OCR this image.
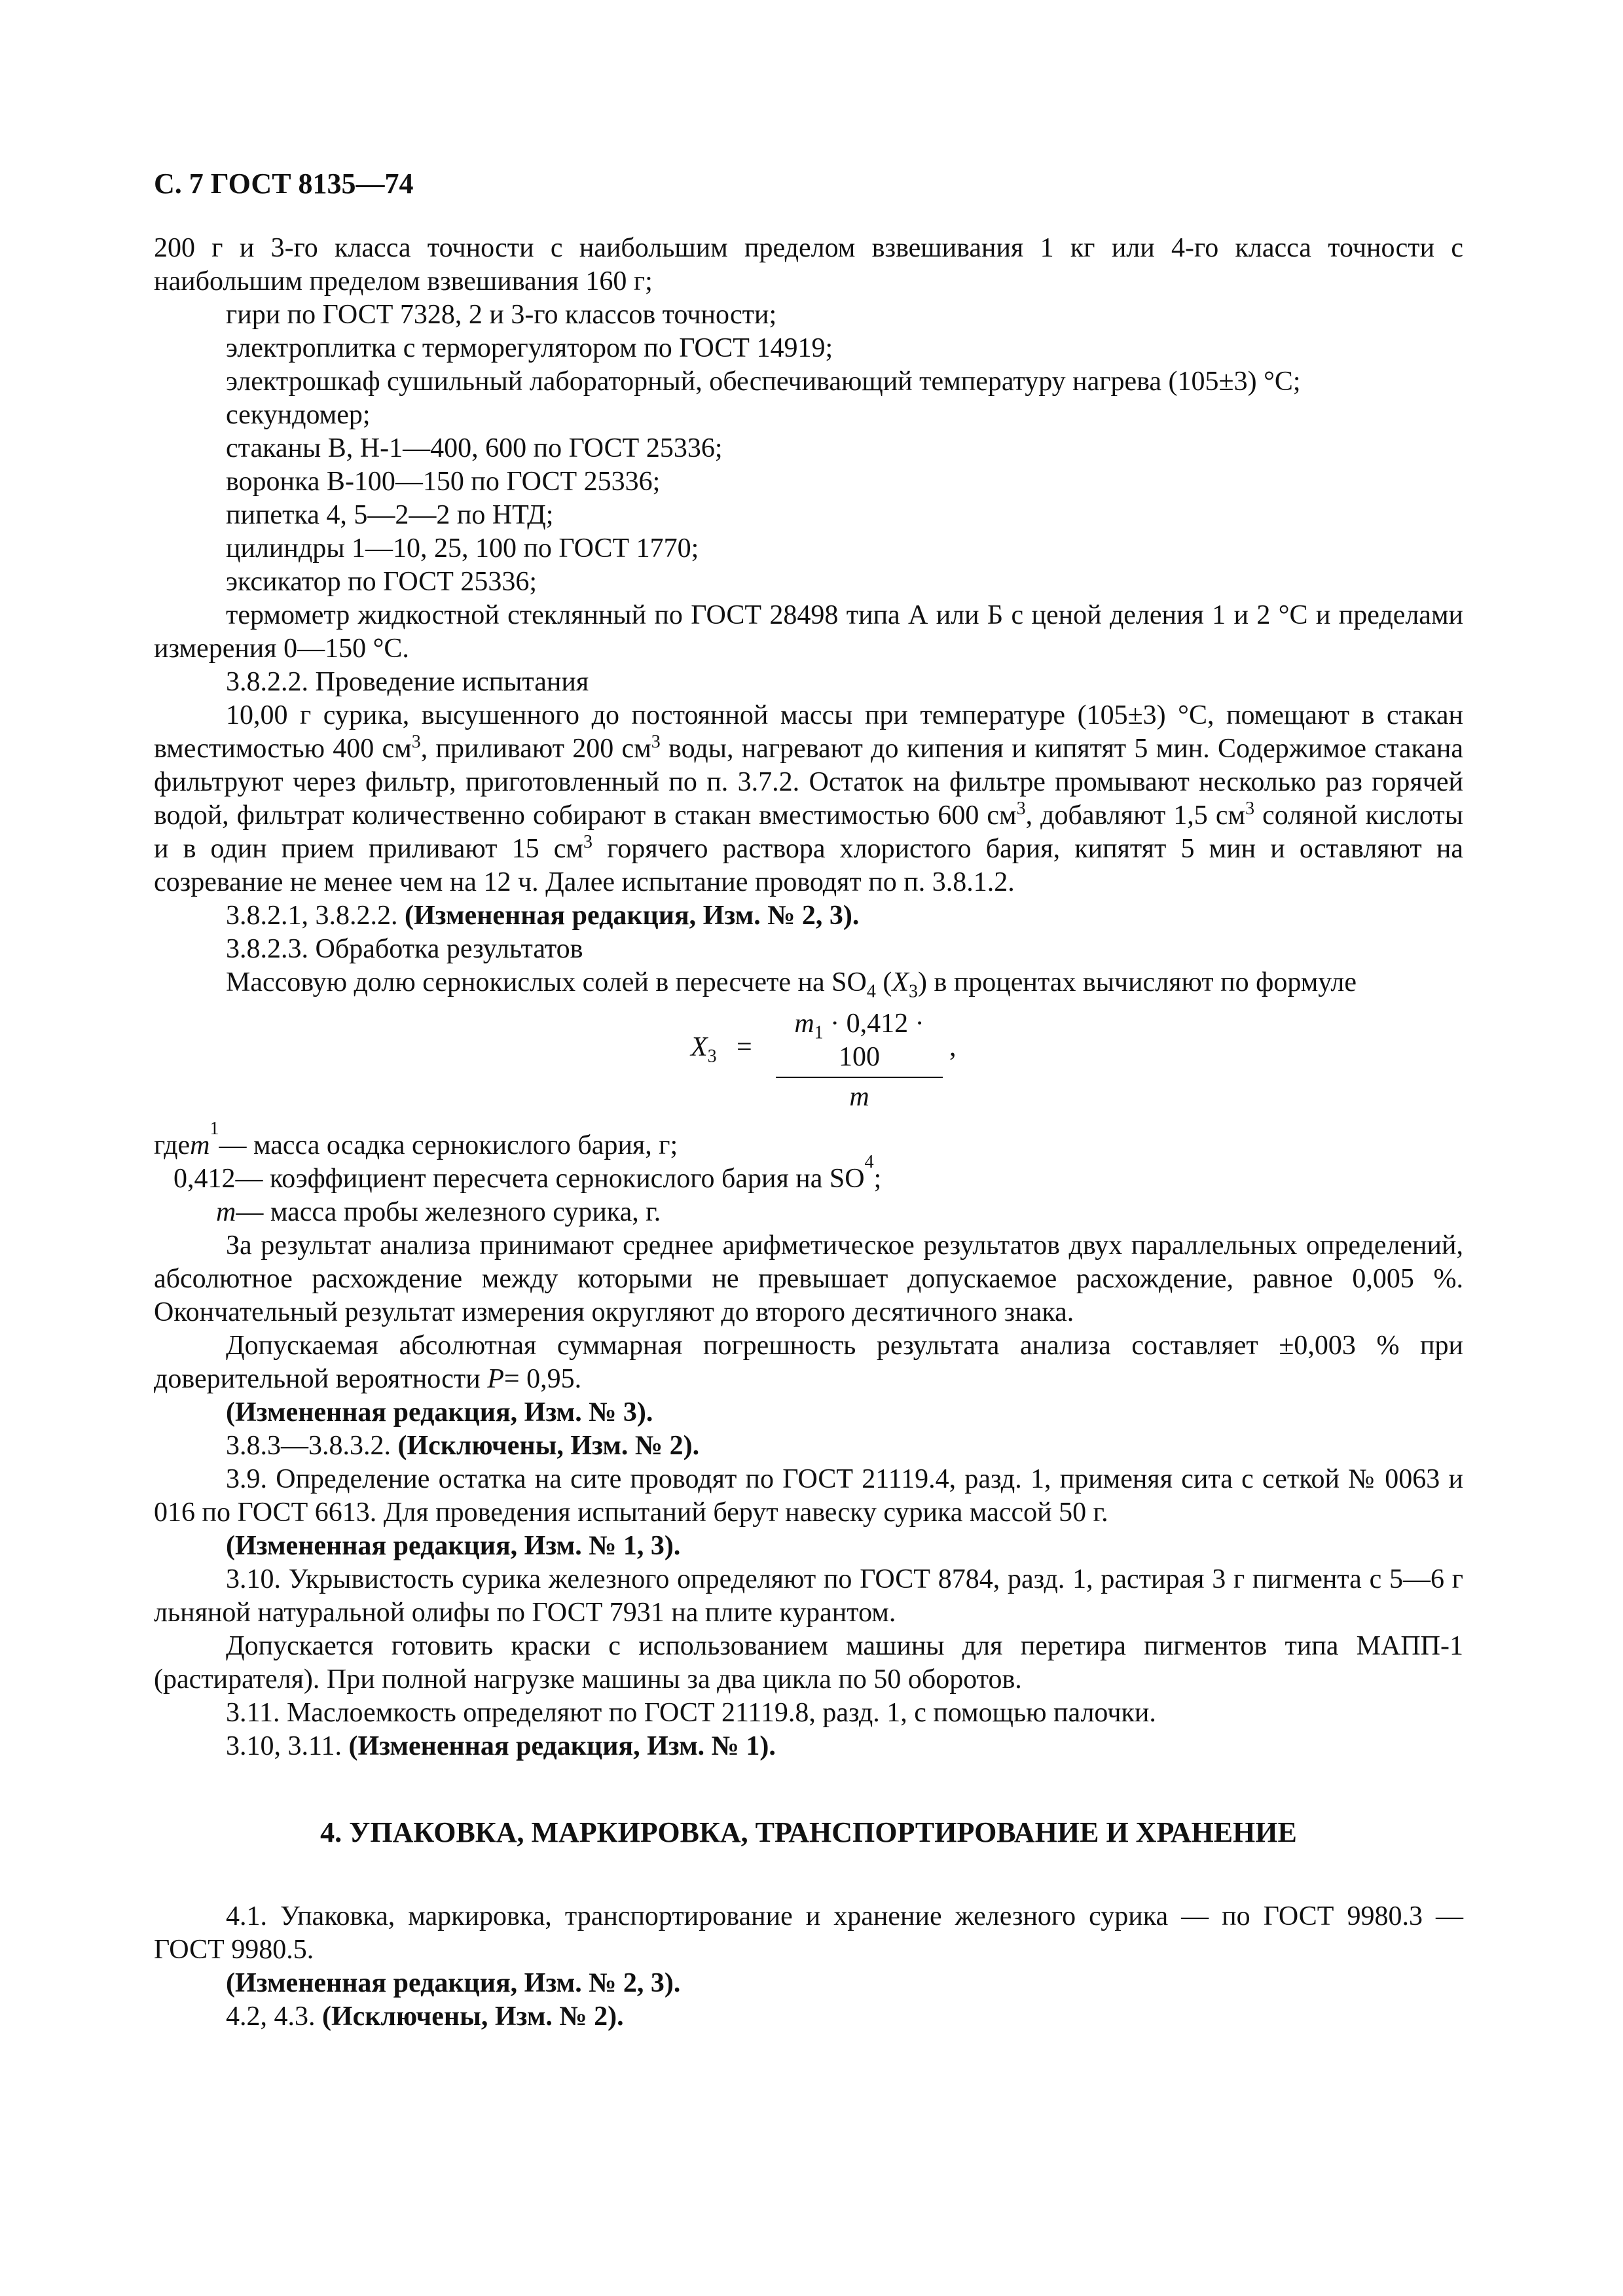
С. 7 ГОСТ 8135—74

200 г и 3-го класса точности с наибольшим пределом взвешивания 1 кг или 4-го класса точности с наибольшим пределом взвешивания 160 г;

гири по ГОСТ 7328, 2 и 3-го классов точности;

электроплитка с терморегулятором по ГОСТ 14919;

электрошкаф сушильный лабораторный, обеспечивающий температуру нагрева (105±3) °С;

секундомер;

стаканы В, Н-1—400, 600 по ГОСТ 25336;

воронка В-100—150 по ГОСТ 25336;

пипетка 4, 5—2—2 по НТД;

цилиндры 1—10, 25, 100 по ГОСТ 1770;

эксикатор по ГОСТ 25336;

термометр жидкостной стеклянный по ГОСТ 28498 типа А или Б с ценой деления 1 и 2 °С и пределами измерения 0—150 °С.

3.8.2.2. Проведение испытания

10,00 г сурика, высушенного до постоянной массы при температуре (105±3) °С, помещают в стакан вместимостью 400 $см^3$, приливают 200 $см^3$ воды, нагревают до кипения и кипятят 5 мин. Содержимое стакана фильтруют через фильтр, приготовленный по п. 3.7.2. Остаток на фильтре промывают несколько раз горячей водой, фильтрат количественно собирают в стакан вместимостью 600 $см^3$, добавляют 1,5 $см^3$ соляной кислоты и в один прием приливают 15 $см^3$ горячего раствора хлористого бария, кипятят 5 мин и оставляют на созревание не менее чем на 12 ч. Далее испытание проводят по п. 3.8.1.2.

3.8.2.1, 3.8.2.2. (Измененная редакция, Изм. № 2, 3).

3.8.2.3. Обработка результатов

Массовую долю сернокислых солей в пересчете на $SO_4$ $(X_3)$ в процентах вычисляют по формуле

$X_3 = \frac{m_1 \cdot 0,412 \cdot 100}{m}$ ,
где m
1
— масса осадка сернокислого бария, г;
0,412 — коэффициент пересчета сернокислого бария на SO
4
;
m — масса пробы железного сурика, г.

За результат анализа принимают среднее арифметическое результатов двух параллельных определений, абсолютное расхождение между которыми не превышает допускаемое расхождение, равное 0,005 %. Окончательный результат измерения округляют до второго десятичного знака.

Допускаемая абсолютная суммарная погрешность результата анализа составляет ±0,003 % при доверительной вероятности P= 0,95.

(Измененная редакция, Изм. № 3).

3.8.3—3.8.3.2. (Исключены, Изм. № 2).

3.9. Определение остатка на сите проводят по ГОСТ 21119.4, разд. 1, применяя сита с сеткой № 0063 и 016 по ГОСТ 6613. Для проведения испытаний берут навеску сурика массой 50 г.

(Измененная редакция, Изм. № 1, 3).

3.10. Укрывистость сурика железного определяют по ГОСТ 8784, разд. 1, растирая 3 г пигмента с 5—6 г льняной натуральной олифы по ГОСТ 7931 на плите курантом.

Допускается готовить краски с использованием машины для перетира пигментов типа МАПП-1 (растирателя). При полной нагрузке машины за два цикла по 50 оборотов.

3.11. Маслоемкость определяют по ГОСТ 21119.8, разд. 1, с помощью палочки.

3.10, 3.11. (Измененная редакция, Изм. № 1).

4. УПАКОВКА, МАРКИРОВКА, ТРАНСПОРТИРОВАНИЕ И ХРАНЕНИЕ

4.1. Упаковка, маркировка, транспортирование и хранение железного сурика — по ГОСТ 9980.3 — ГОСТ 9980.5.

(Измененная редакция, Изм. № 2, 3).

4.2, 4.3. (Исключены, Изм. № 2).
